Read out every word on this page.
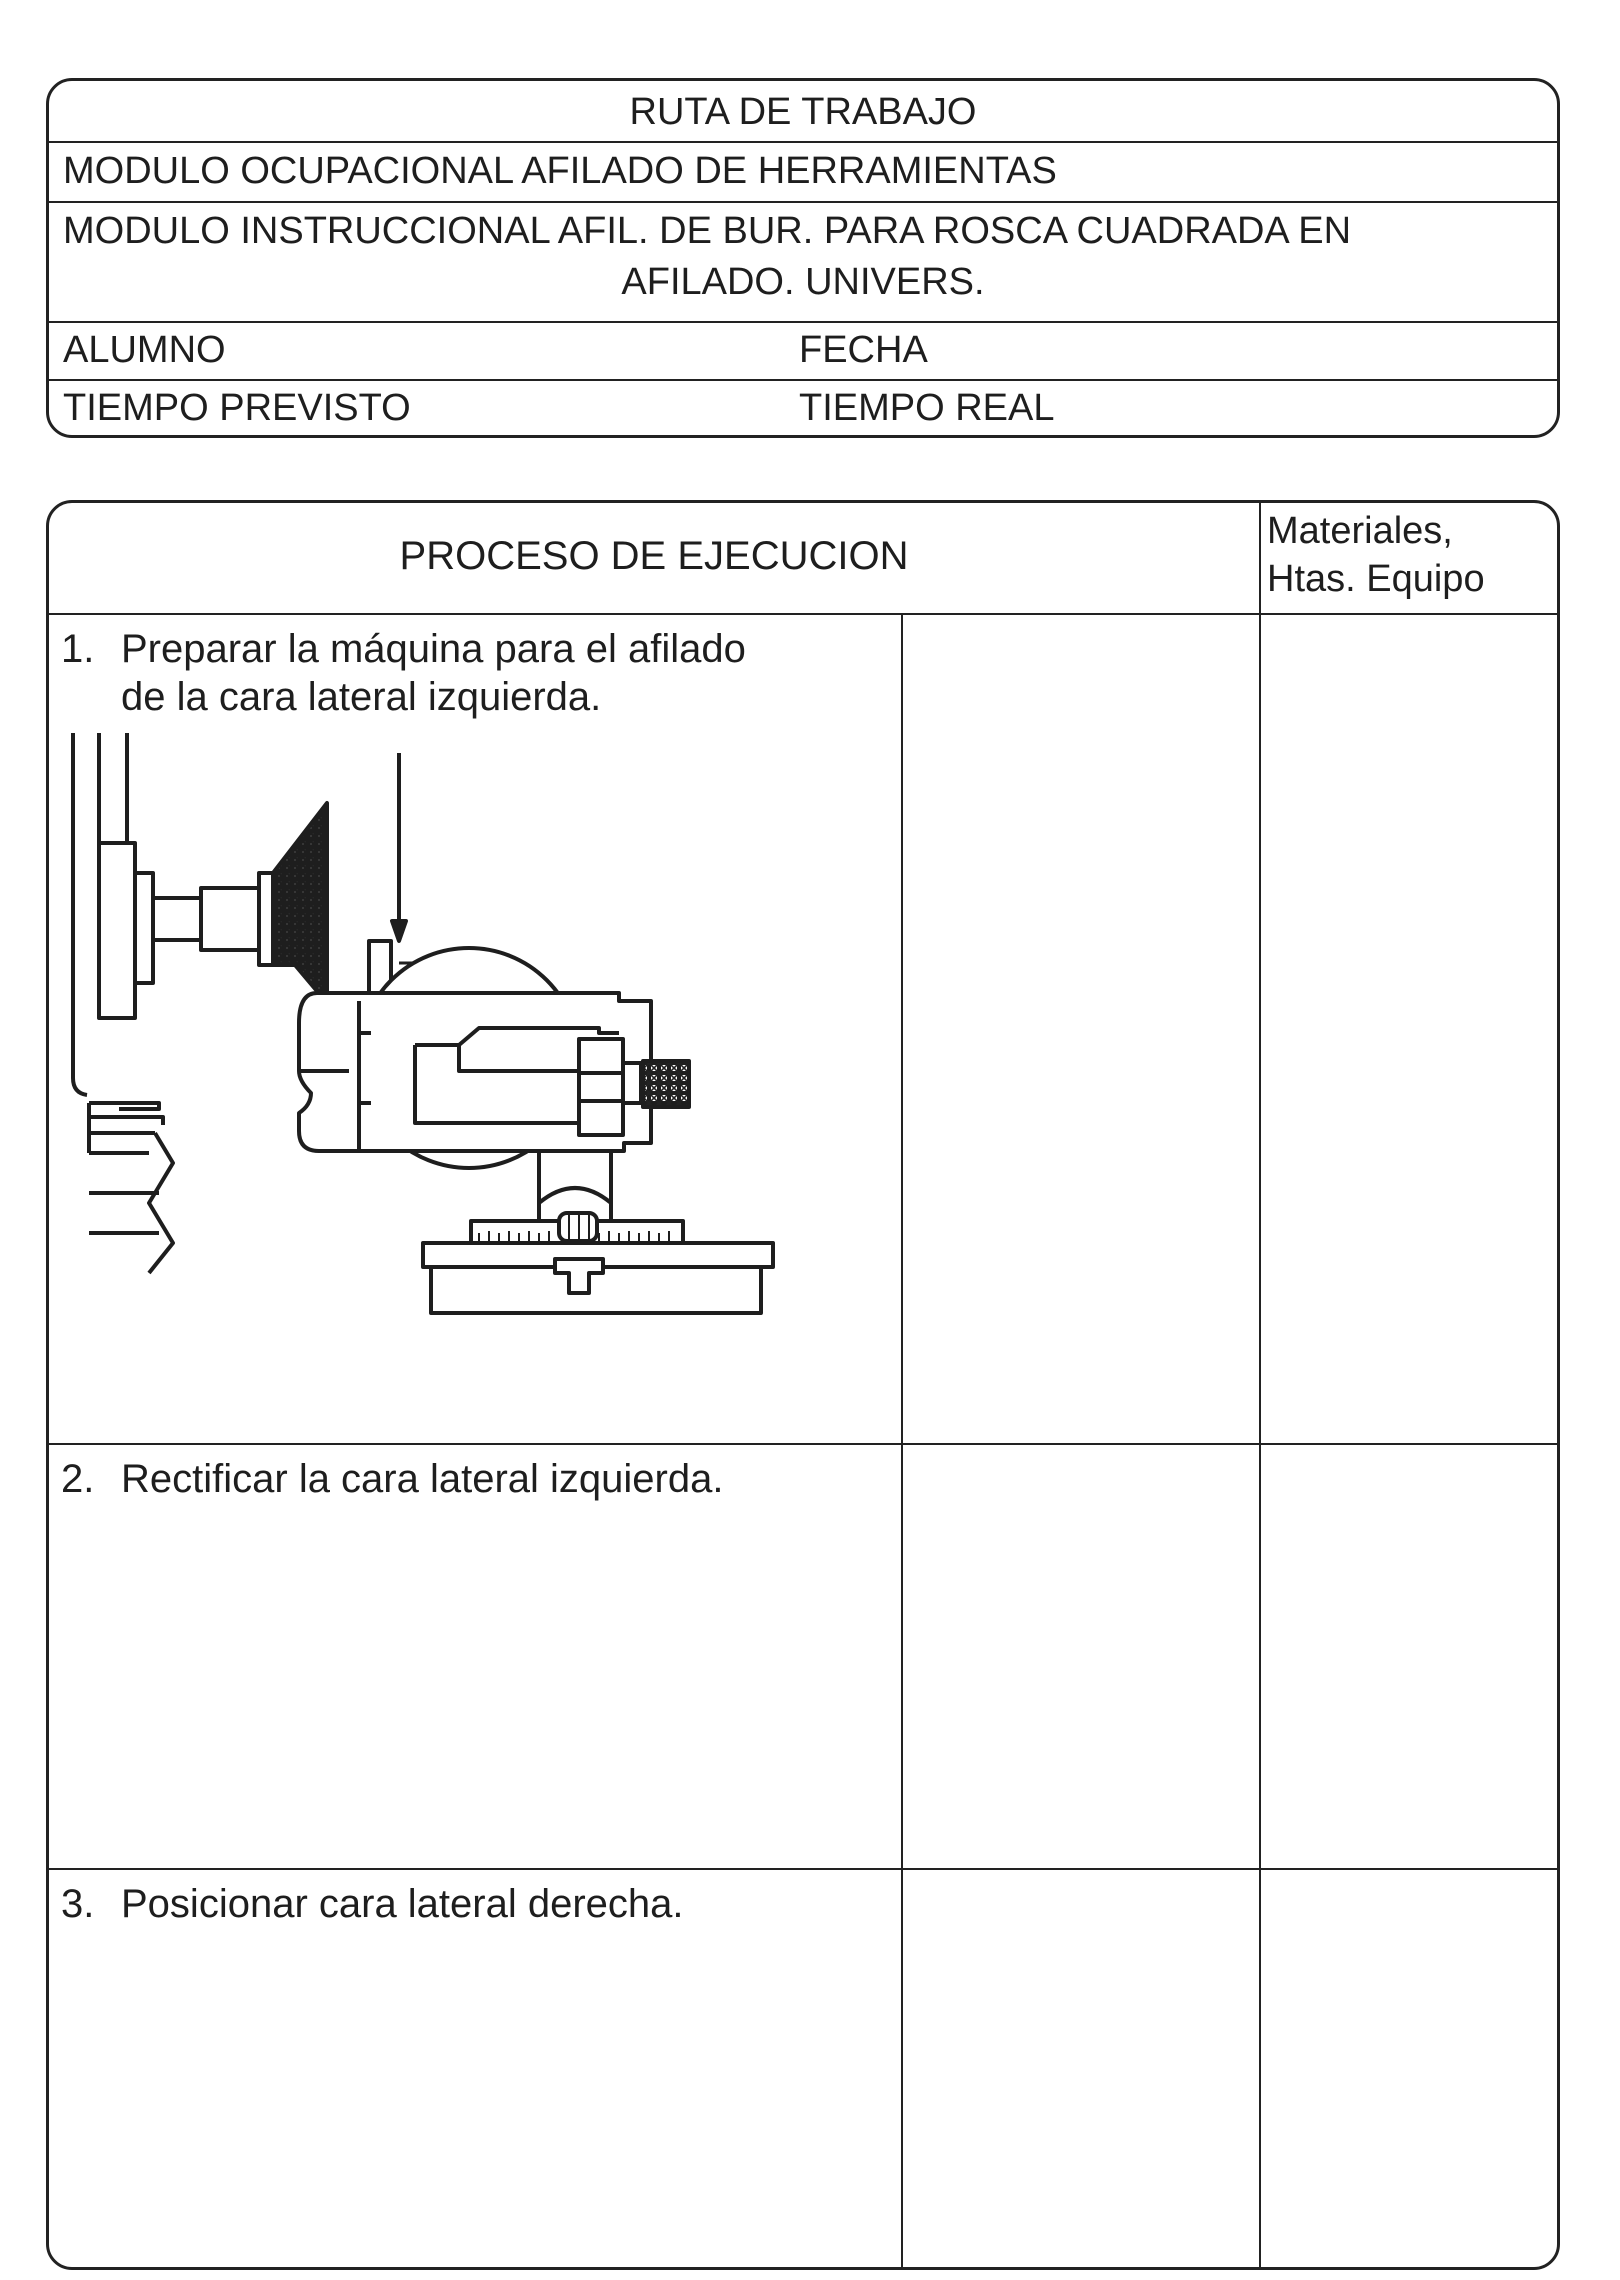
RUTA DE TRABAJO
MODULO OCUPACIONAL AFILADO DE HERRAMIENTAS
MODULO INSTRUCCIONAL AFIL. DE BUR. PARA ROSCA CUADRADA EN
AFILADO. UNIVERS.
ALUMNO	FECHA
TIEMPO PREVISTO	TIEMPO REAL
PROCESO DE EJECUCION
Materiales,
Htas. Equipo
1. Preparar la máquina para el afilado
de la cara lateral izquierda.
2. Rectificar la cara lateral izquierda.
3. Posicionar cara lateral derecha.
